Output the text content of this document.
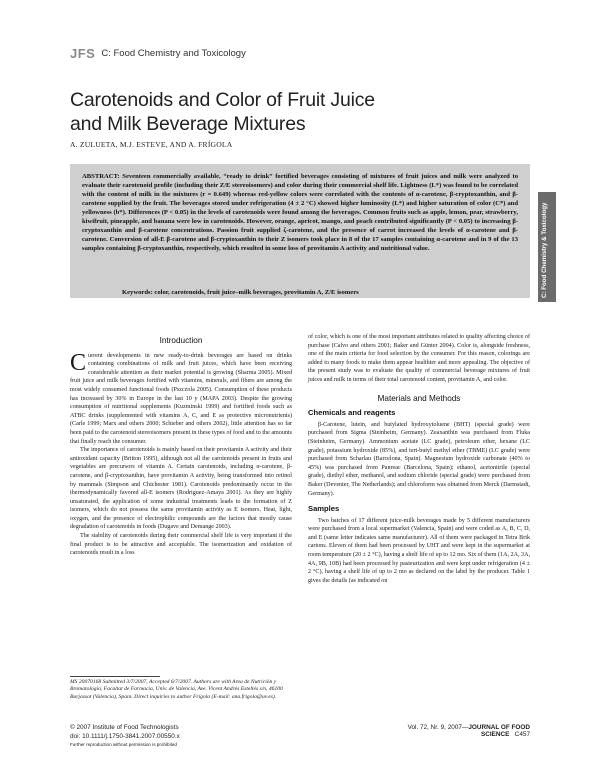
JFS C: Food Chemistry and Toxicology
Carotenoids and Color of Fruit Juice
and Milk Beverage Mixtures
A. ZULUETA, M.J. ESTEVE, AND A. FRÍGOLA
ABSTRACT: Seventeen commercially available, “ready to drink” fortified beverages consisting of mixtures of fruit juices and milk were analyzed to evaluate their carotenoid profile (including their Z/E stereoisomers) and color during their commercial shelf life. Lightness (L*) was found to be correlated with the content of milk in the mixtures (r = 0.649) whereas red-yellow colors were correlated with the contents of α-carotene, β-cryptoxanthin, and β-carotene supplied by the fruit. The beverages stored under refrigeration (4 ± 2 °C) showed higher luminosity (L*) and higher saturation of color (C*) and yellowness (b*). Differences (P < 0.05) in the levels of carotenoids were found among the beverages. Common fruits such as apple, lemon, pear, strawberry, kiwifruit, pineapple, and banana were low in carotenoids. However, orange, apricot, mango, and peach contributed significantly (P < 0.05) to increasing β-cryptoxanthin and β-carotene concentrations. Passion fruit supplied ζ-carotene, and the presence of carrot increased the levels of α-carotene and β-carotene. Conversion of all-E β-carotene and β-cryptoxanthin to their Z isomers took place in 8 of the 17 samples containing α-carotene and in 9 of the 13 samples containing β-cryptoxanthin, respectively, which resulted in some loss of provitamin A activity and nutritional value.
Keywords: color, carotenoids, fruit juice–milk beverages, provitamin A, Z/E isomers	C: Food Chemistry & Toxicology
Introduction

Current developments in new ready-to-drink beverages are based on drinks containing combinations of milk and fruit juices, which have been receiving considerable attention as their market potential is growing (Sharma 2005). Mixed fruit juice and milk beverages fortified with vitamins, minerals, and fibers are among the most widely consumed functional foods (Pszczola 2005). Consumption of these products has increased by 30% in Europe in the last 10 y (MAPA 2003). Despite the growing consumption of nutritional supplements (Kuzminski 1999) and fortified foods such as ATBC drinks (supplemented with vitamins A, C, and E as protective micronutrients) (Carle 1999; Marx and others 2000; Schieber and others 2002), little attention has so far been paid to the carotenoid stereoisomers present in these types of food and to the amounts that finally reach the consumer.

The importance of carotenoids is mainly based on their provitamin A activity and their antioxidant capacity (Britton 1995), although not all the carotenoids present in fruits and vegetables are precursors of vitamin A. Certain carotenoids, including α-carotene, β-carotene, and β-cryptoxanthin, have provitamin A activity, being transformed into retinol by mammals (Simpson and Chichester 1981). Carotenoids predominantly occur in the thermodynamically favored all-E isomers (Rodriguez-Amaya 2001). As they are highly unsaturated, the application of some industrial treatments leads to the formation of Z isomers, which do not possess the same provitamin activity as E isomers. Heat, light, oxygen, and the presence of electrophilic compounds are the factors that mostly cause degradation of carotenoids in foods (Dugave and Demange 2003).

The stability of carotenoids during their commercial shelf life is very important if the final product is to be attractive and acceptable. The isomerization and oxidation of carotenoids result in a loss

MS 20070168 Submitted 3/7/2007, Accepted 6/7/2007. Authors are with Area de Nutrición y Bromatología, Facultat de Farmacia, Univ. de Valencia, Ave. Vicent Andrés Estellés s/n, 46100 Burjassot (Valencia), Spain. Direct inquiries to author Frígola (E-mail: ana.frigola@uv.es).

of color, which is one of the most important attributes related to quality affecting choice of purchase (Calvo and others 2001; Baker and Günter 2004). Color is, alongside freshness, one of the main criteria for food selection by the consumer. For this reason, colorings are added to many foods to make them appear healthier and more appealing. The objective of the present study was to evaluate the quality of commercial beverage mixtures of fruit juices and milk in terms of their total carotenoid content, provitamin A, and color.

Materials and Methods
Chemicals and reagents

β-Carotene, lutein, and butylated hydroxytoluene (BHT) (special grade) were purchased from Sigma (Steinheim, Germany). Zeaxanthin was purchased from Fluka (Steinheim, Germany). Ammonium acetate (LC grade), petroleum ether, hexane (LC grade), potassium hydroxide (85%), and tert-butyl methyl ether (TBME) (LC grade) were purchased from Scharlau (Barcelona, Spain). Magnesium hydroxide carbonate (40% to 45%) was purchased from Panreac (Barcelona, Spain); ethanol, acetonitrile (special grade), diethyl ether, methanol, and sodium chloride (special grade) were purchased from Baker (Deventer, The Netherlands); and chloroform was obtained from Merck (Darmstadt, Germany).

Samples

Two batches of 17 different juice-milk beverages made by 5 different manufacturers were purchased from a local supermarket (Valencia, Spain) and were coded as A, B, C, D, and E (same letter indicates same manufacturer). All of them were packaged in Tetra Brik cartons. Eleven of them had been processed by UHT and were kept in the supermarket at room temperature (20 ± 2 °C), having a shelf life of up to 12 mo. Six of them (1A, 2A, 3A, 4A, 9B, 10B) had been processed by pasteurization and were kept under refrigeration (4 ± 2 °C), having a shelf life of up to 2 mo as declared on the label by the producer. Table 1 gives the details (as indicated on

© 2007 Institute of Food Technologists
doi: 10.1111/j.1750-3841.2007.00550.x
Further reproduction without permission is prohibited
Vol. 72, Nr. 9, 2007—JOURNAL OF FOOD SCIENCE C457
